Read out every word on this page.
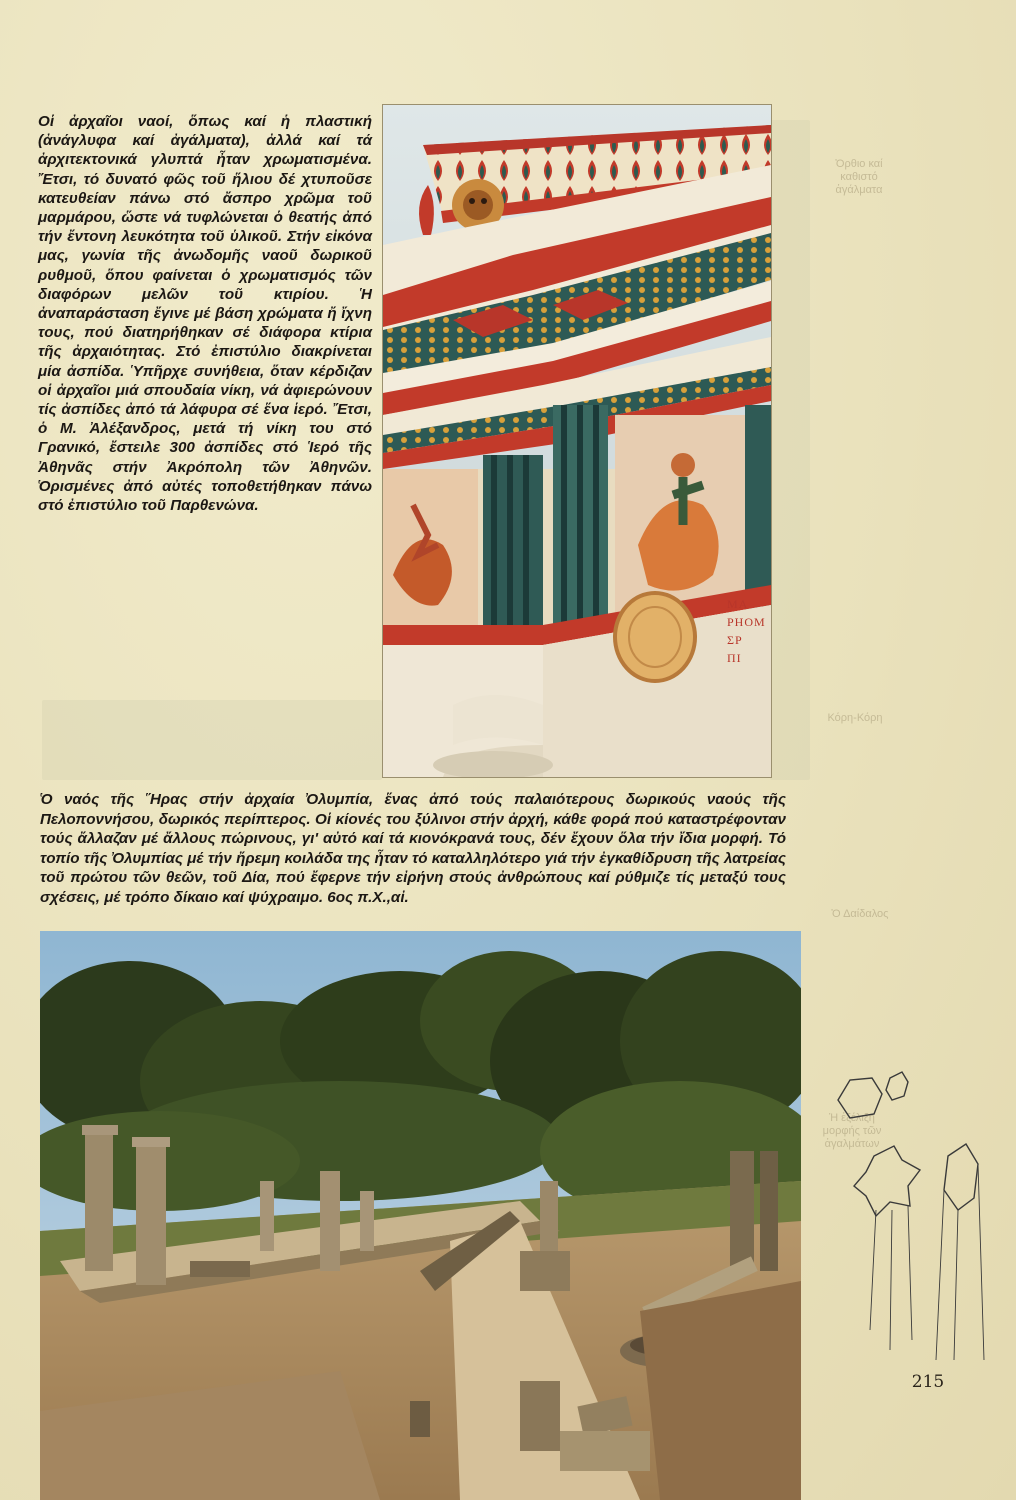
Ὀρθιο καί
καθιστό
ἀγάλματα
Κόρη-Κόρη
Ὁ Δαίδαλος
Ἡ ἐξέλιξη
μορφής τῶν
ἀγαλμάτων
Οἱ ἀρχαῖοι ναοί, ὅπως καί ἡ πλαστική (ἀνάγλυφα καί ἀγάλματα), ἀλλά καί τά ἀρχιτεκτονικά γλυπτά ἦταν χρωματισμένα. Ἔτσι, τό δυνατό φῶς τοῦ ἥλιου δέ χτυποῦσε κατευθείαν πάνω στό ἄσπρο χρῶμα τοῦ μαρμάρου, ὥστε νά τυφλώνεται ὁ θεατής ἀπό τήν ἔντονη λευκότητα τοῦ ὑλικοῦ. Στήν εἰκόνα μας, γωνία τῆς ἀνωδομῆς ναοῦ δωρικοῦ ρυθμοῦ, ὅπου φαίνεται ὁ χρωματισμός τῶν διαφόρων μελῶν τοῦ κτιρίου. Ἡ ἀναπαράσταση ἔγινε μέ βάση χρώματα ἤ ἴχνη τους, πού διατηρήθηκαν σέ διάφορα κτίρια τῆς ἀρχαιότητας. Στό ἐπιστύλιο διακρίνεται μία ἀσπίδα. Ὑπῆρχε συνήθεια, ὅταν κέρδιζαν οἱ ἀρχαῖοι μιά σπουδαία νίκη, νά ἀφιερώνουν τίς ἀσπίδες ἀπό τά λάφυρα σέ ἕνα ἱερό. Ἔτσι, ὁ Μ. Ἀλέξανδρος, μετά τή νίκη του στό Γρανικό, ἔστειλε 300 ἀσπίδες στό Ἱερό τῆς Ἀθηνᾶς στήν Ἀκρόπολη τῶν Ἀθηνῶν. Ὁρισμένες ἀπό αὐτές τοποθετήθηκαν πάνω στό ἐπιστύλιο τοῦ Παρθενώνα.
ΜΑ
ΡΗΟΜ
ΣΡ
ΠΙ
Ὁ ναός τῆς Ἥρας στήν ἀρχαία Ὀλυμπία, ἕνας ἀπό τούς παλαιότερους δωρικούς ναούς τῆς Πελοποννήσου, δωρικός περίπτερος. Οἱ κίονές του ξύλινοι στήν ἀρχή, κάθε φορά πού καταστρέφονταν τούς ἄλλαζαν μέ ἄλλους πώρινους, γι' αὐτό καί τά κιονόκρανά τους, δέν ἔχουν ὅλα τήν ἴδια μορφή. Τό τοπίο τῆς Ὀλυμπίας μέ τήν ἤρεμη κοιλάδα της ἦταν τό καταλληλότερο γιά τήν ἐγκαθίδρυση τῆς λατρείας τοῦ πρώτου τῶν θεῶν, τοῦ Δία, πού ἔφερνε τήν εἰρήνη στούς ἀνθρώπους καί ρύθμιζε τίς μεταξύ τους σχέσεις, μέ τρόπο δίκαιο καί ψύχραιμο. 6ος π.Χ.,αἰ.
215
